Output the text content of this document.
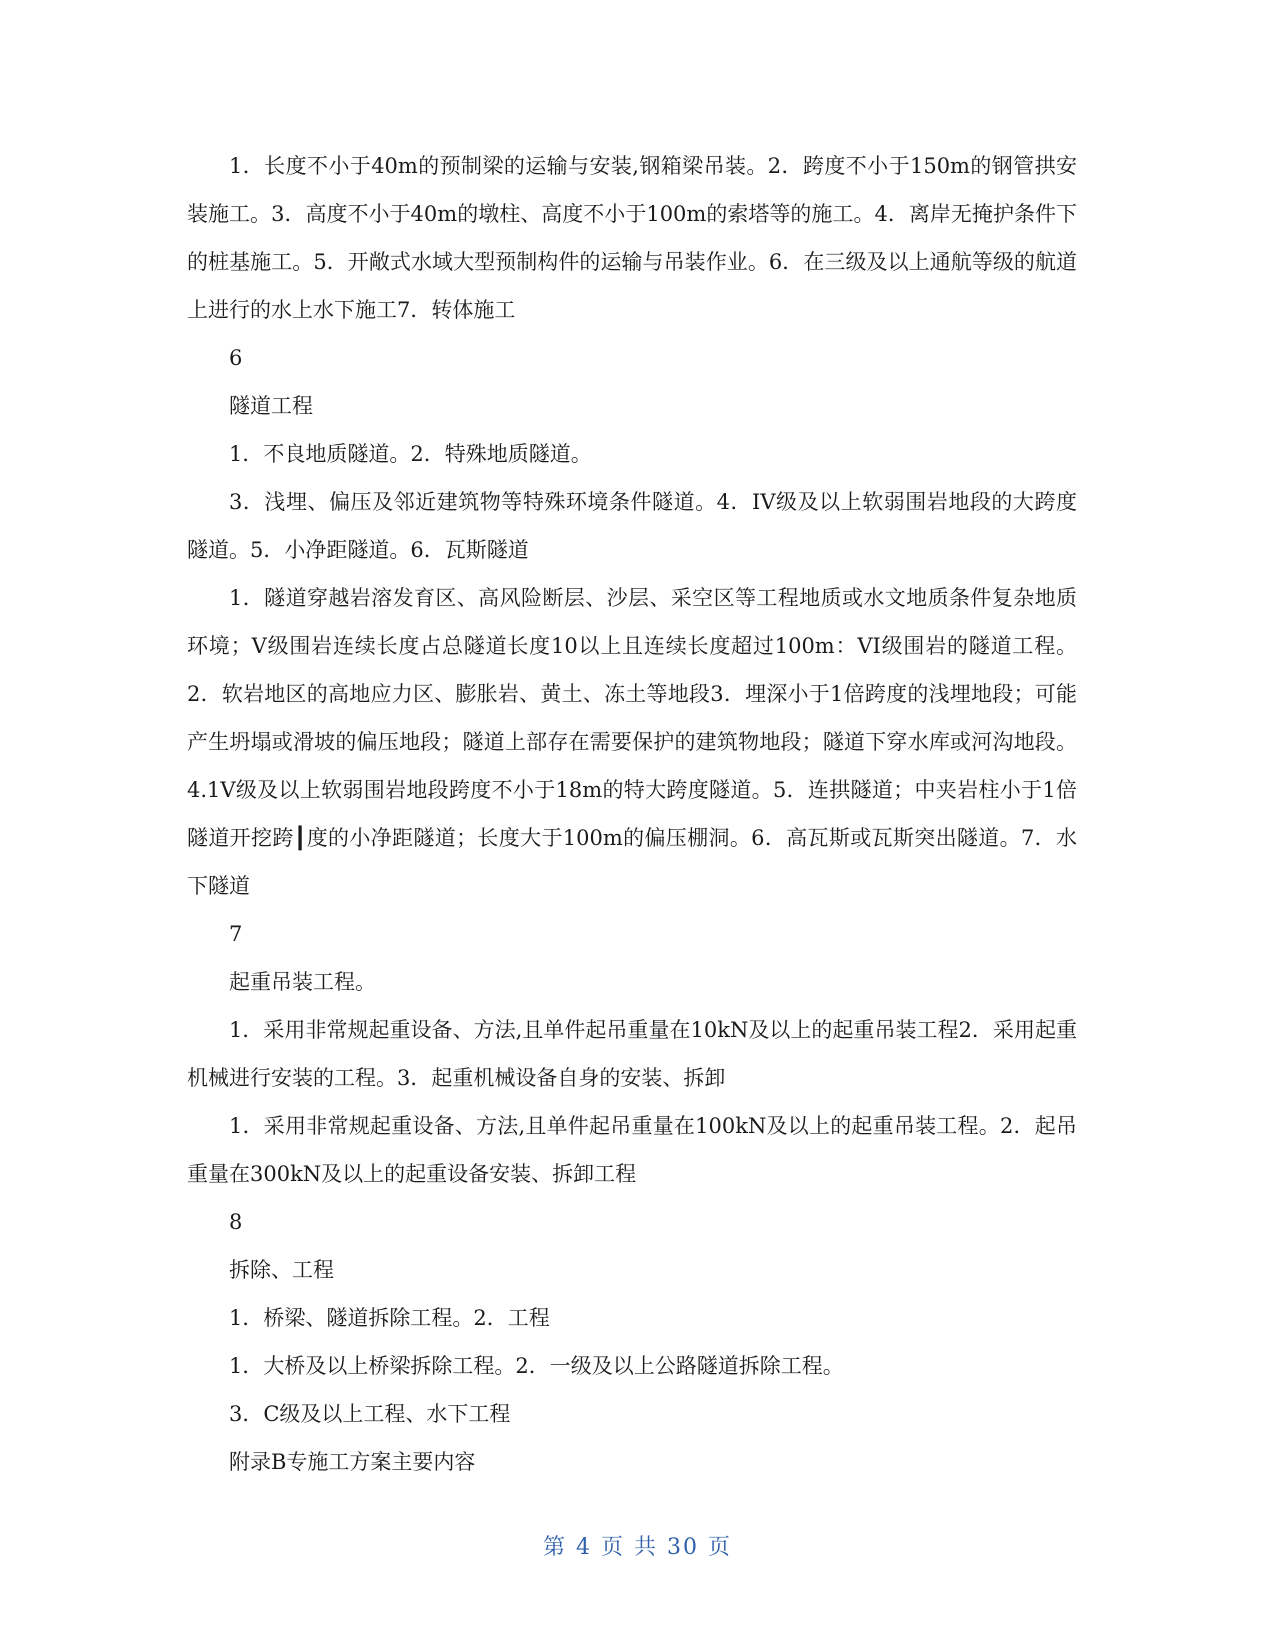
1．长度不小于40m的预制梁的运输与安装,钢箱梁吊装。2．跨度不小于150m的钢管拱安装施工。3．高度不小于40m的墩柱、高度不小于100m的索塔等的施工。4．离岸无掩护条件下的桩基施工。5．开敞式水域大型预制构件的运输与吊装作业。6．在三级及以上通航等级的航道上进行的水上水下施工7．转体施工

6

隧道工程

1．不良地质隧道。2．特殊地质隧道。

3．浅埋、偏压及邻近建筑物等特殊环境条件隧道。4．IV级及以上软弱围岩地段的大跨度隧道。5．小净距隧道。6．瓦斯隧道

1．隧道穿越岩溶发育区、高风险断层、沙层、采空区等工程地质或水文地质条件复杂地质环境；V级围岩连续长度占总隧道长度10以上且连续长度超过100m：VI级围岩的隧道工程。2．软岩地区的高地应力区、膨胀岩、黄土、冻土等地段3．埋深小于1倍跨度的浅埋地段；可能产生坍塌或滑坡的偏压地段；隧道上部存在需要保护的建筑物地段；隧道下穿水库或河沟地段。4.1V级及以上软弱围岩地段跨度不小于18m的特大跨度隧道。5．连拱隧道；中夹岩柱小于1倍隧道开挖跨┃度的小净距隧道；长度大于100m的偏压棚洞。6．高瓦斯或瓦斯突出隧道。7．水下隧道

7

起重吊装工程。

1．采用非常规起重设备、方法,且单件起吊重量在10kN及以上的起重吊装工程2．采用起重机械进行安装的工程。3．起重机械设备自身的安装、拆卸

1．采用非常规起重设备、方法,且单件起吊重量在100kN及以上的起重吊装工程。2．起吊重量在300kN及以上的起重设备安装、拆卸工程

8

拆除、工程

1．桥梁、隧道拆除工程。2．工程

1．大桥及以上桥梁拆除工程。2．一级及以上公路隧道拆除工程。

3．C级及以上工程、水下工程

附录B专施工方案主要内容

第 4 页 共 30 页
